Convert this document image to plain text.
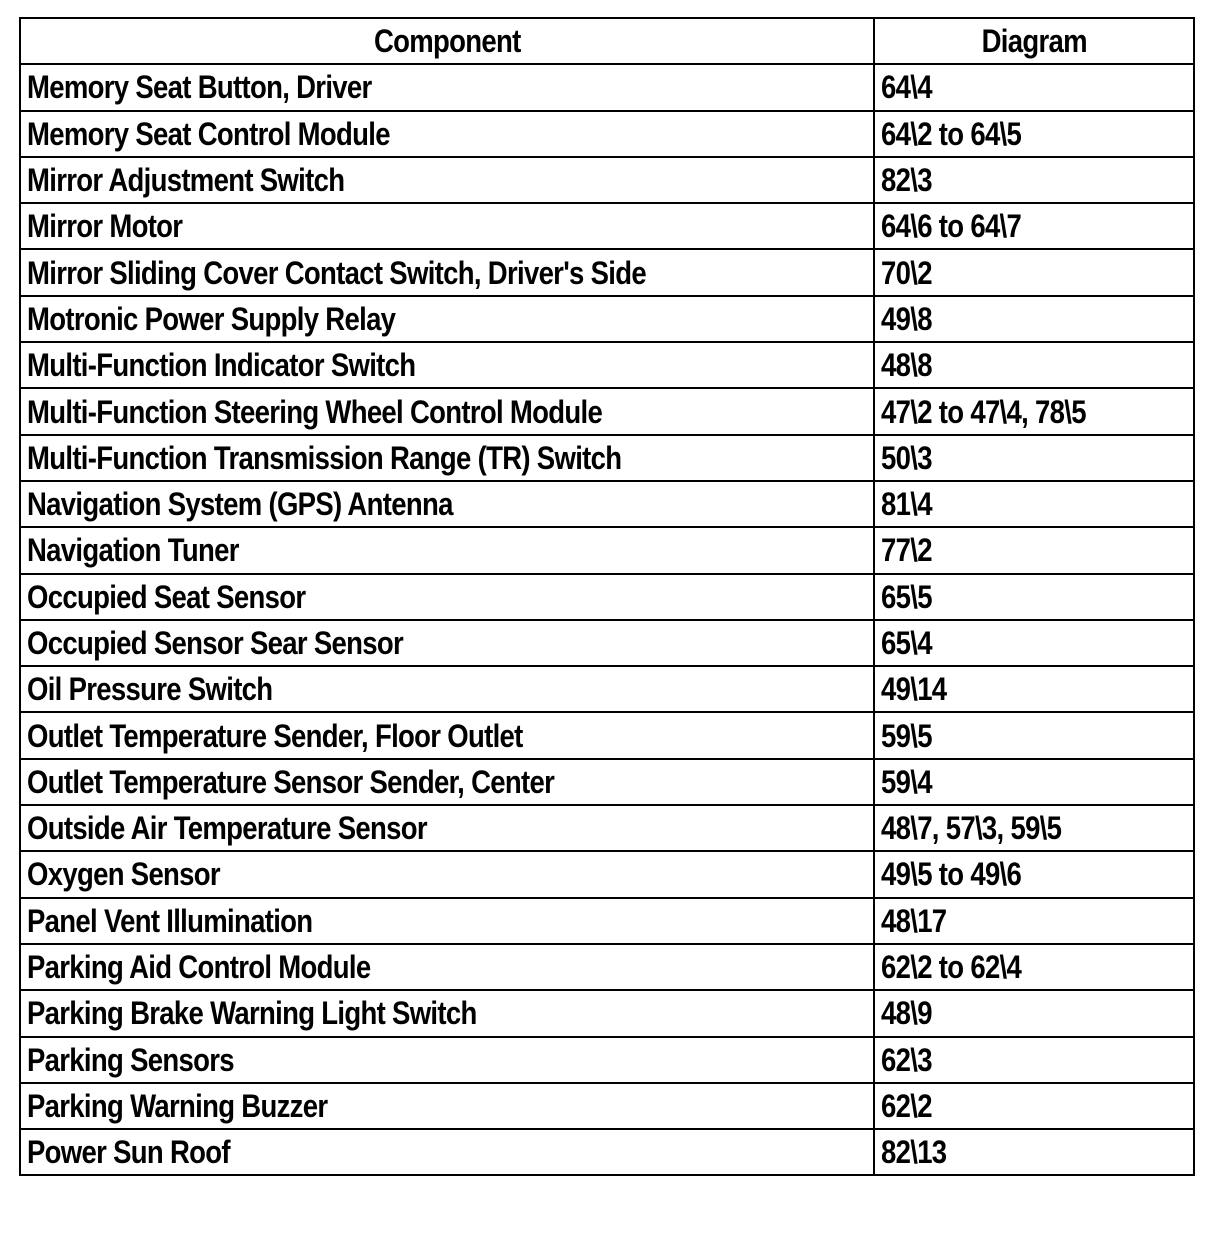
Component	Diagram
Memory Seat Button, Driver	64\4
Memory Seat Control Module	64\2 to 64\5
Mirror Adjustment Switch	82\3
Mirror Motor	64\6 to 64\7
Mirror Sliding Cover Contact Switch, Driver's Side	70\2
Motronic Power Supply Relay	49\8
Multi-Function Indicator Switch	48\8
Multi-Function Steering Wheel Control Module	47\2 to 47\4, 78\5
Multi-Function Transmission Range (TR) Switch	50\3
Navigation System (GPS) Antenna	81\4
Navigation Tuner	77\2
Occupied Seat Sensor	65\5
Occupied Sensor Sear Sensor	65\4
Oil Pressure Switch	49\14
Outlet Temperature Sender, Floor Outlet	59\5
Outlet Temperature Sensor Sender, Center	59\4
Outside Air Temperature Sensor	48\7, 57\3, 59\5
Oxygen Sensor	49\5 to 49\6
Panel Vent Illumination	48\17
Parking Aid Control Module	62\2 to 62\4
Parking Brake Warning Light Switch	48\9
Parking Sensors	62\3
Parking Warning Buzzer	62\2
Power Sun Roof	82\13
